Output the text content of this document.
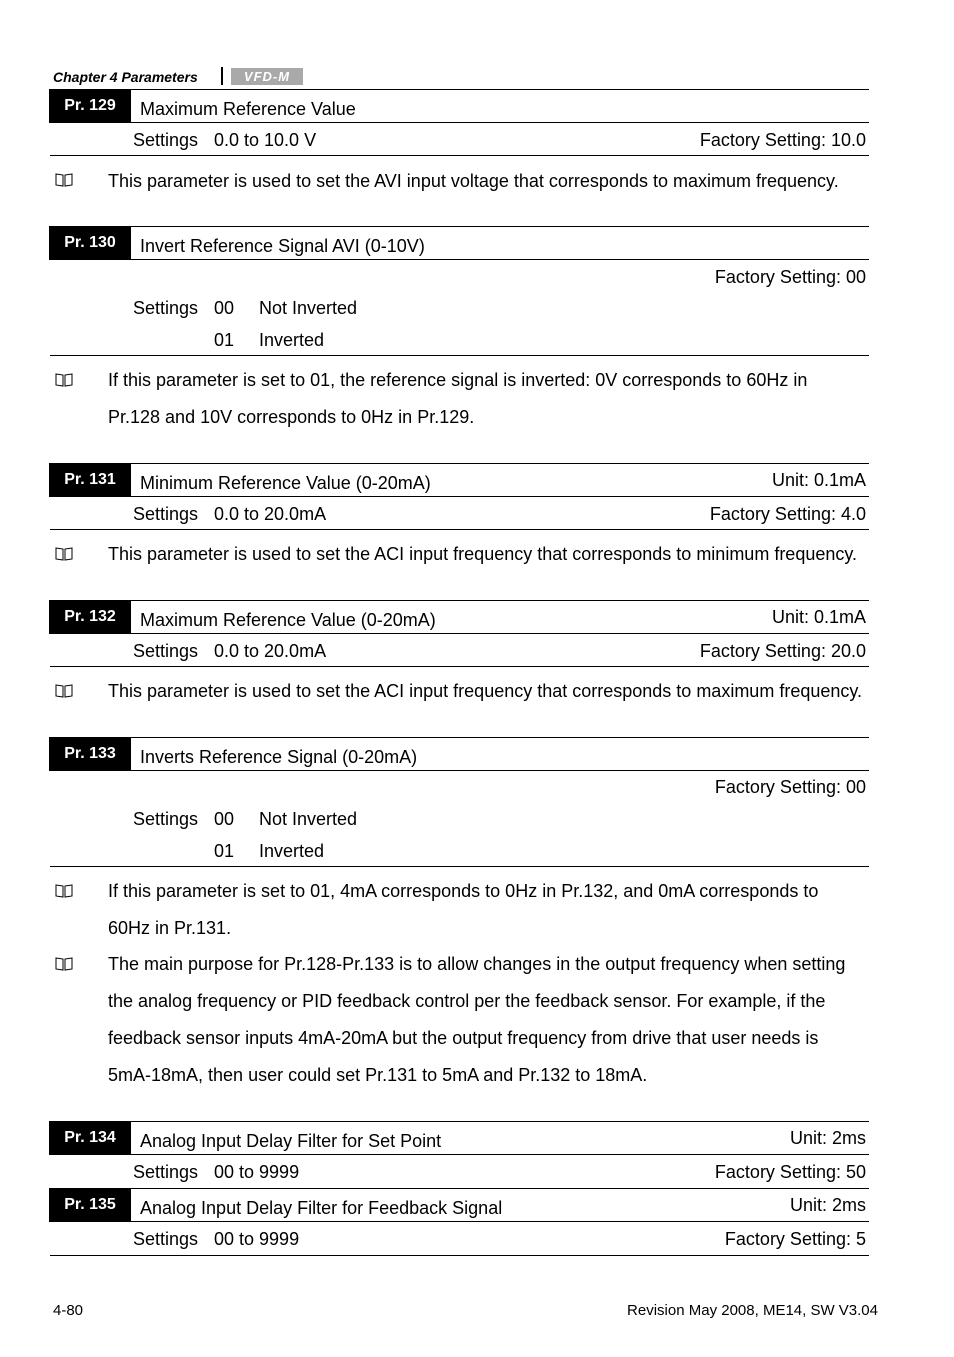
Chapter 4 Parameters	VFD-M
Pr. 129	Maximum Reference Value
Settings 0.0 to 10.0 V	Factory Setting: 10.0
This parameter is used to set the AVI input voltage that corresponds to maximum frequency.
Pr. 130	Invert Reference Signal AVI (0-10V)
Factory Setting: 00
Settings 00 Not Inverted
01 Inverted
If this parameter is set to 01, the reference signal is inverted: 0V corresponds to 60Hz in
Pr.128 and 10V corresponds to 0Hz in Pr.129.
Pr. 131	Minimum Reference Value (0-20mA)	Unit: 0.1mA
Settings 0.0 to 20.0mA	Factory Setting: 4.0
This parameter is used to set the ACI input frequency that corresponds to minimum frequency.
Pr. 132	Maximum Reference Value (0-20mA)	Unit: 0.1mA
Settings 0.0 to 20.0mA	Factory Setting: 20.0
This parameter is used to set the ACI input frequency that corresponds to maximum frequency.
Pr. 133	Inverts Reference Signal (0-20mA)
Factory Setting: 00
Settings 00 Not Inverted
01 Inverted
If this parameter is set to 01, 4mA corresponds to 0Hz in Pr.132, and 0mA corresponds to
60Hz in Pr.131.
The main purpose for Pr.128-Pr.133 is to allow changes in the output frequency when setting
the analog frequency or PID feedback control per the feedback sensor. For example, if the
feedback sensor inputs 4mA-20mA but the output frequency from drive that user needs is
5mA-18mA, then user could set Pr.131 to 5mA and Pr.132 to 18mA.
Pr. 134	Analog Input Delay Filter for Set Point	Unit: 2ms
Settings 00 to 9999	Factory Setting: 50
Pr. 135	Analog Input Delay Filter for Feedback Signal	Unit: 2ms
Settings 00 to 9999	Factory Setting: 5
4-80	Revision May 2008, ME14, SW V3.04
